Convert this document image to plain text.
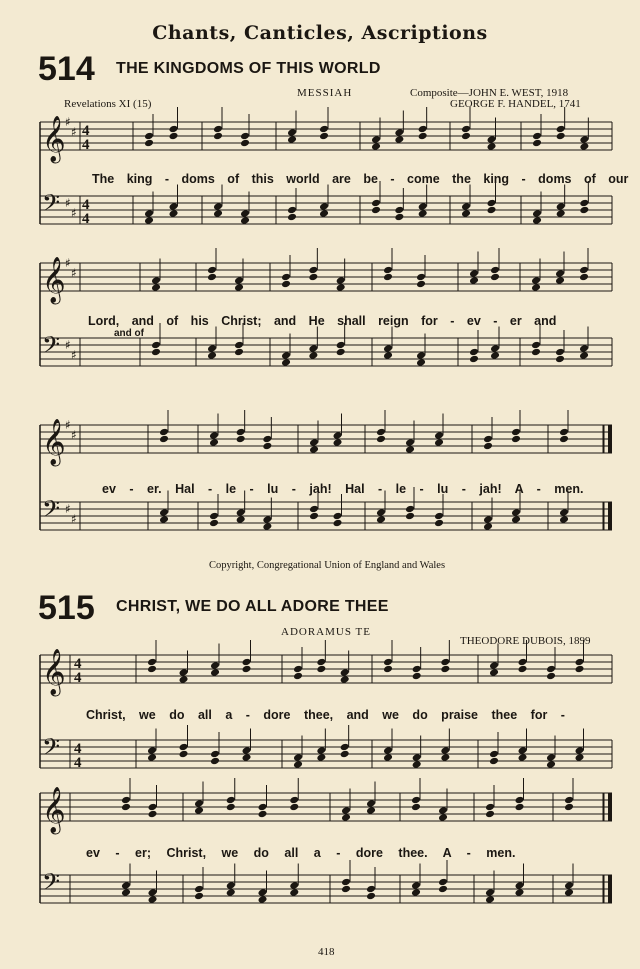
Chants, Canticles, Ascriptions
514 THE KINGDOMS OF THIS WORLD
MESSIAH	Composite—JOHN E. WEST, 1918
Revelations XI (15)	GEORGE F. HANDEL, 1741
The king - doms of this world are be - come the king - doms of our
Lord, and of his Christ; and He shall reign for - ev - er and
and of
ev - er. Hal - le - lu - jah! Hal - le - lu - jah! A - men.
Copyright, Congregational Union of England and Wales
515 CHRIST, WE DO ALL ADORE THEE
ADORAMUS TE
THEODORE DUBOIS, 1899
Christ, we do all a - dore thee, and we do praise thee for -
ev - er; Christ, we do all a - dore thee. A - men.
418
𝄞 ♯
♯
𝄢 ♯
♯
4
4
4
4
𝄞 ♯
♯
𝄢 ♯
♯
𝄞 ♯
♯
𝄢 ♯
♯
𝄞
𝄢
4
4
4
4
𝄞
𝄢
